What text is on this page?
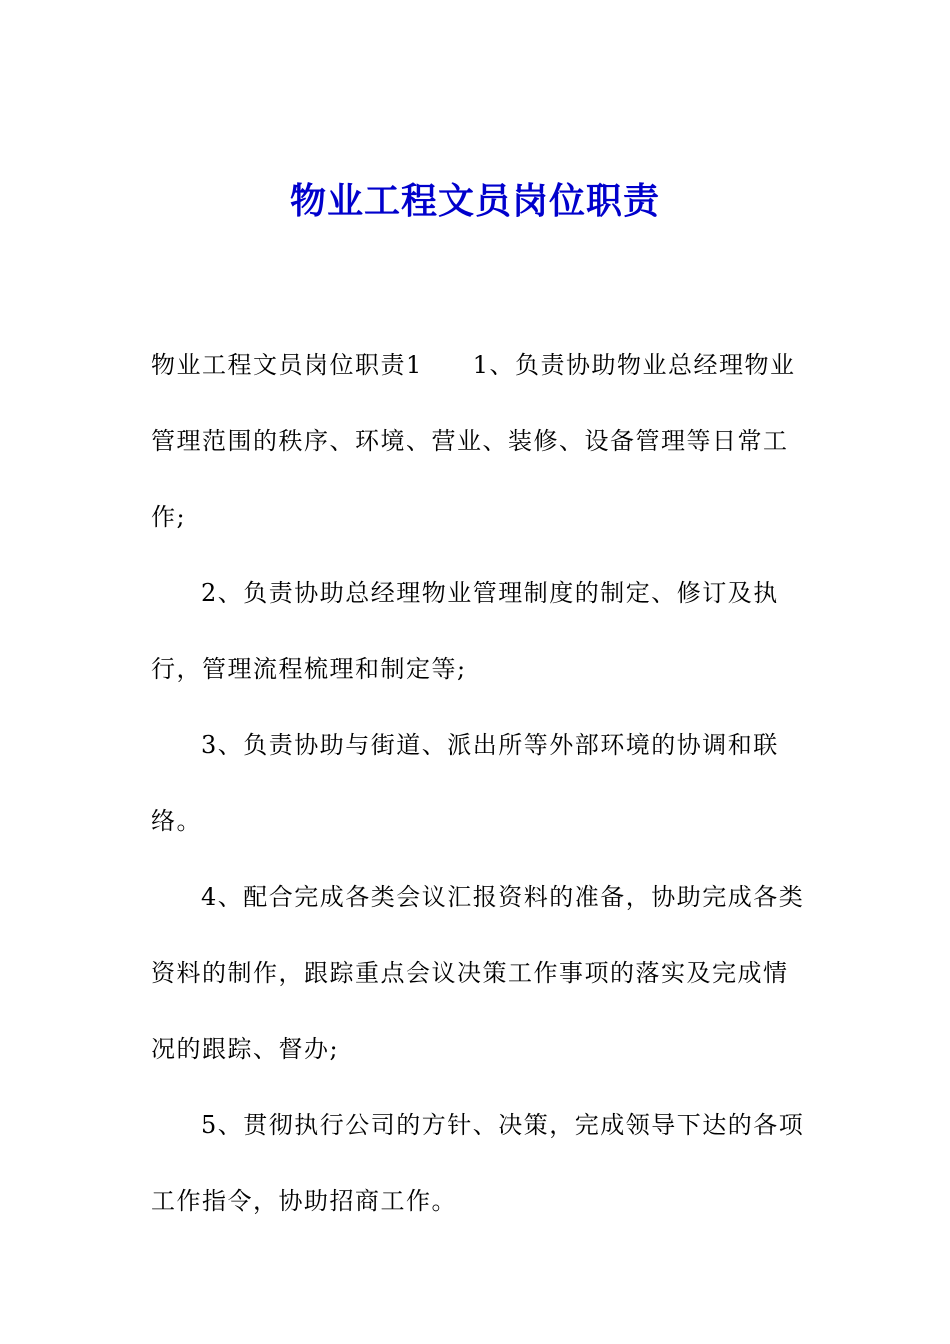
物业工程文员岗位职责

物业工程文员岗位职责1 1、负责协助物业总经理物业管理范围的秩序、环境、营业、装修、设备管理等日常工作;

2、负责协助总经理物业管理制度的制定、修订及执行，管理流程梳理和制定等;

3、负责协助与街道、派出所等外部环境的协调和联络。

4、配合完成各类会议汇报资料的准备，协助完成各类资料的制作，跟踪重点会议决策工作事项的落实及完成情况的跟踪、督办;

5、贯彻执行公司的方针、决策，完成领导下达的各项工作指令，协助招商工作。
